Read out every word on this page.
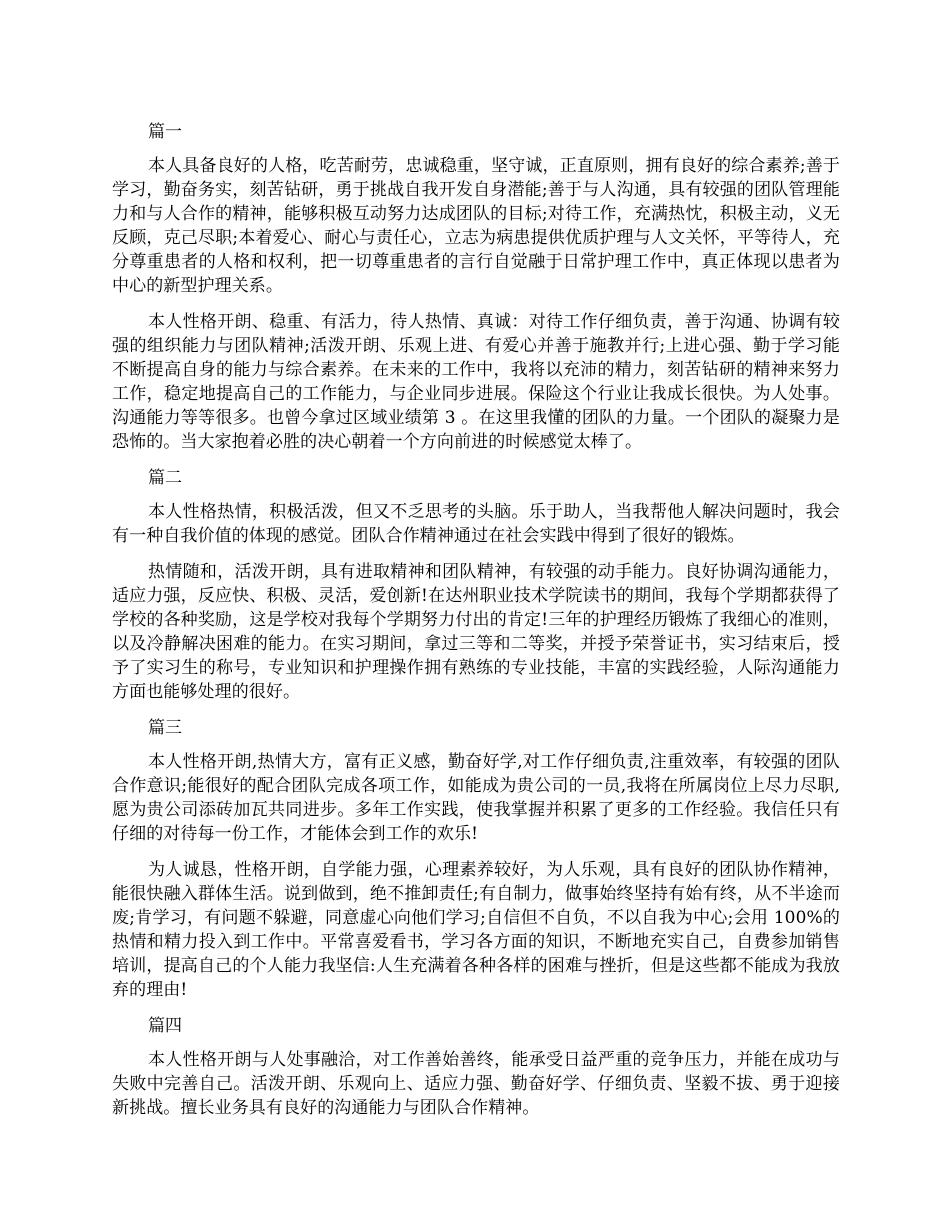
篇一

本人具备良好的人格，吃苦耐劳，忠诚稳重，坚守诚，正直原则，拥有良好的综合素养;善于学习，勤奋务实，刻苦钻研，勇于挑战自我开发自身潜能;善于与人沟通，具有较强的团队管理能力和与人合作的精神，能够积极互动努力达成团队的目标;对待工作，充满热忱，积极主动，义无反顾，克己尽职;本着爱心、耐心与责任心，立志为病患提供优质护理与人文关怀，平等待人，充分尊重患者的人格和权利，把一切尊重患者的言行自觉融于日常护理工作中，真正体现以患者为中心的新型护理关系。

本人性格开朗、稳重、有活力，待人热情、真诚：对待工作仔细负责，善于沟通、协调有较强的组织能力与团队精神;活泼开朗、乐观上进、有爱心并善于施教并行;上进心强、勤于学习能不断提高自身的能力与综合素养。在未来的工作中，我将以充沛的精力，刻苦钻研的精神来努力工作，稳定地提高自己的工作能力，与企业同步进展。保险这个行业让我成长很快。为人处事。沟通能力等等很多。也曾今拿过区域业绩第 3 。在这里我懂的团队的力量。一个团队的凝聚力是恐怖的。当大家抱着必胜的决心朝着一个方向前进的时候感觉太棒了。

篇二

本人性格热情，积极活泼，但又不乏思考的头脑。乐于助人，当我帮他人解决问题时，我会有一种自我价值的体现的感觉。团队合作精神通过在社会实践中得到了很好的锻炼。

热情随和，活泼开朗，具有进取精神和团队精神，有较强的动手能力。良好协调沟通能力，适应力强，反应快、积极、灵活，爱创新!在达州职业技术学院读书的期间，我每个学期都获得了学校的各种奖励，这是学校对我每个学期努力付出的肯定!三年的护理经历锻炼了我细心的准则，以及冷静解决困难的能力。在实习期间，拿过三等和二等奖，并授予荣誉证书，实习结束后，授予了实习生的称号，专业知识和护理操作拥有熟练的专业技能，丰富的实践经验，人际沟通能力方面也能够处理的很好。

篇三

本人性格开朗,热情大方，富有正义感，勤奋好学,对工作仔细负责,注重效率，有较强的团队合作意识;能很好的配合团队完成各项工作，如能成为贵公司的一员,我将在所属岗位上尽力尽职,愿为贵公司添砖加瓦共同进步。多年工作实践，使我掌握并积累了更多的工作经验。我信任只有仔细的对待每一份工作，才能体会到工作的欢乐!

为人诚恳，性格开朗，自学能力强，心理素养较好，为人乐观，具有良好的团队协作精神，能很快融入群体生活。说到做到，绝不推卸责任;有自制力，做事始终坚持有始有终，从不半途而废;肯学习，有问题不躲避，同意虚心向他们学习;自信但不自负，不以自我为中心;会用 100%的热情和精力投入到工作中。平常喜爱看书，学习各方面的知识，不断地充实自己，自费参加销售培训，提高自己的个人能力我坚信:人生充满着各种各样的困难与挫折，但是这些都不能成为我放弃的理由!

篇四

本人性格开朗与人处事融洽，对工作善始善终，能承受日益严重的竞争压力，并能在成功与失败中完善自己。活泼开朗、乐观向上、适应力强、勤奋好学、仔细负责、坚毅不拔、勇于迎接新挑战。擅长业务具有良好的沟通能力与团队合作精神。
